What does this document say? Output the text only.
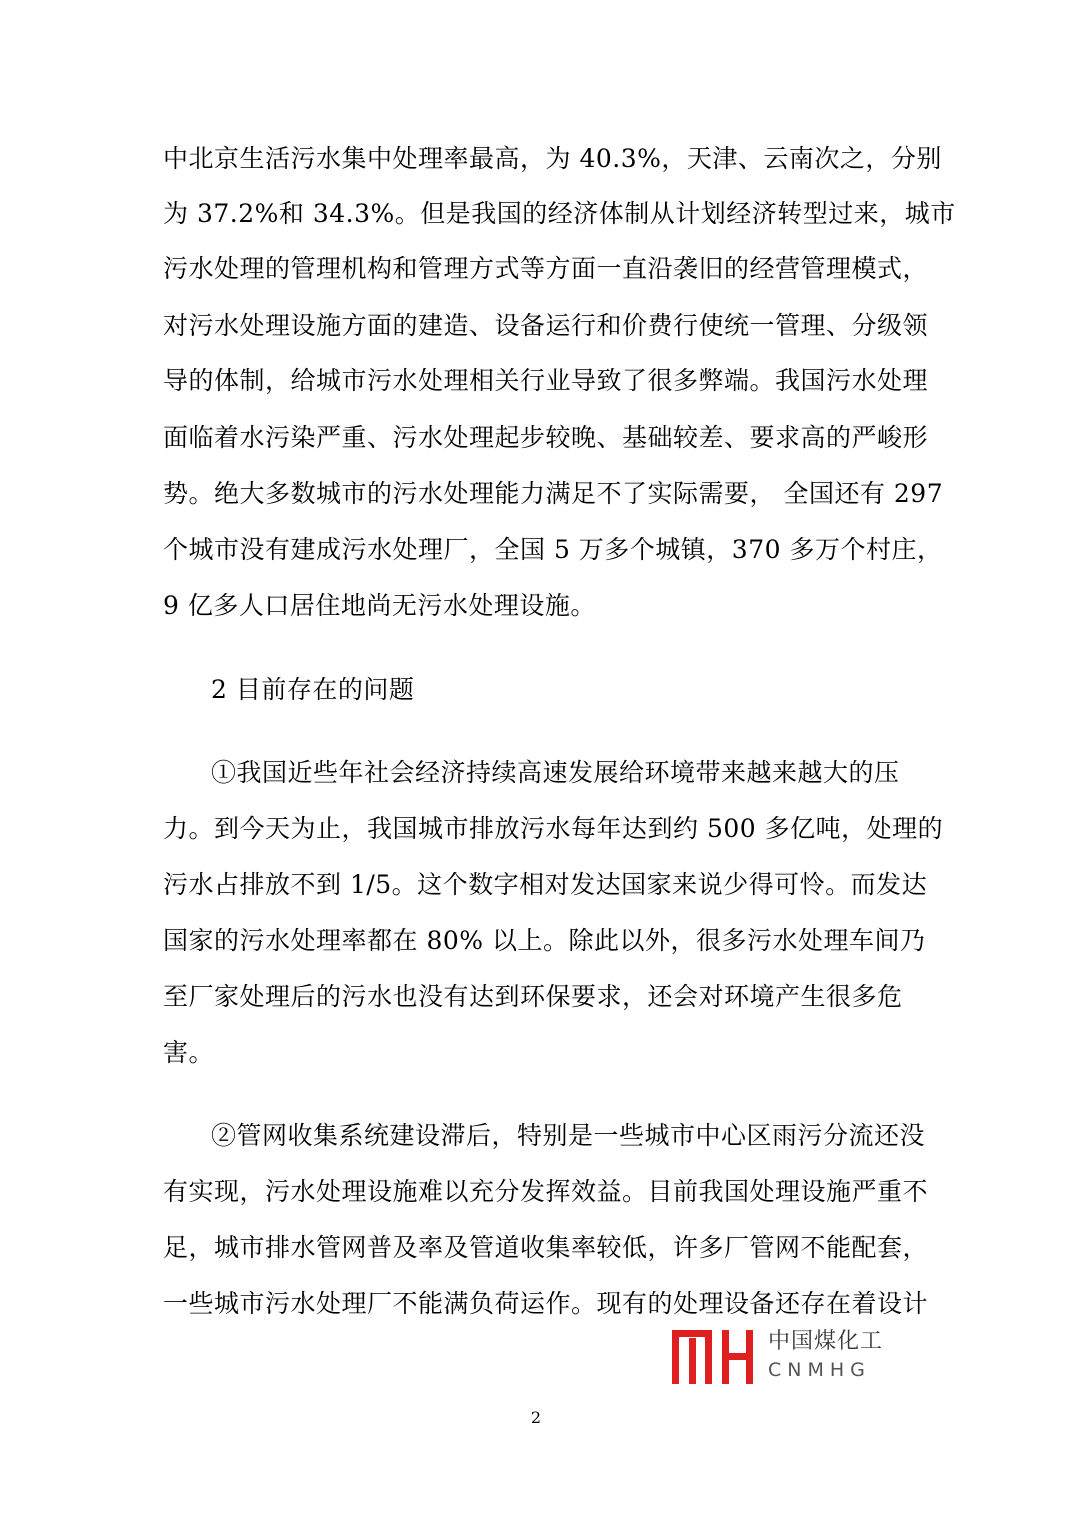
中北京生活污水集中处理率最高，为 40.3%，天津、云南次之，分别
为 37.2%和 34.3%。但是我国的经济体制从计划经济转型过来，城市
污水处理的管理机构和管理方式等方面一直沿袭旧的经营管理模式，
对污水处理设施方面的建造、设备运行和价费行使统一管理、分级领
导的体制，给城市污水处理相关行业导致了很多弊端。我国污水处理
面临着水污染严重、污水处理起步较晚、基础较差、要求高的严峻形
势。绝大多数城市的污水处理能力满足不了实际需要， 全国还有 297
个城市没有建成污水处理厂，全国 5 万多个城镇，370 多万个村庄，
9 亿多人口居住地尚无污水处理设施。
2 目前存在的问题
①我国近些年社会经济持续高速发展给环境带来越来越大的压
力。到今天为止，我国城市排放污水每年达到约 500 多亿吨，处理的
污水占排放不到 1/5。这个数字相对发达国家来说少得可怜。而发达
国家的污水处理率都在 80% 以上。除此以外，很多污水处理车间乃
至厂家处理后的污水也没有达到环保要求，还会对环境产生很多危
害。
②管网收集系统建设滞后，特别是一些城市中心区雨污分流还没
有实现，污水处理设施难以充分发挥效益。目前我国处理设施严重不
足，城市排水管网普及率及管道收集率较低，许多厂管网不能配套，
一些城市污水处理厂不能满负荷运作。现有的处理设备还存在着设计
中国煤化工
CNMHG
2
